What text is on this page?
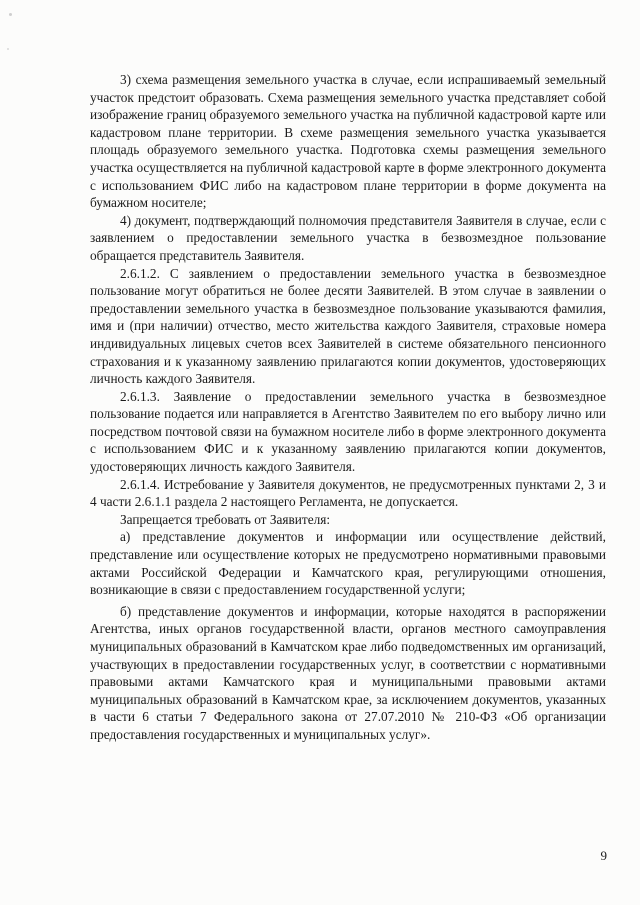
3) схема размещения земельного участка в случае, если испрашиваемый земельный участок предстоит образовать. Схема размещения земельного участка представляет собой изображение границ образуемого земельного участка на публичной кадастровой карте или кадастровом плане территории. В схеме размещения земельного участка указывается площадь образуемого земельного участка. Подготовка схемы размещения земельного участка осуществляется на публичной кадастровой карте в форме электронного документа с использованием ФИС либо на кадастровом плане территории в форме документа на бумажном носителе;

4) документ, подтверждающий полномочия представителя Заявителя в случае, если с заявлением о предоставлении земельного участка в безвозмездное пользование обращается представитель Заявителя.

2.6.1.2. С заявлением о предоставлении земельного участка в безвозмездное пользование могут обратиться не более десяти Заявителей. В этом случае в заявлении о предоставлении земельного участка в безвозмездное пользование указываются фамилия, имя и (при наличии) отчество, место жительства каждого Заявителя, страховые номера индивидуальных лицевых счетов всех Заявителей в системе обязательного пенсионного страхования и к указанному заявлению прилагаются копии документов, удостоверяющих личность каждого Заявителя.

2.6.1.3. Заявление о предоставлении земельного участка в безвозмездное пользование подается или направляется в Агентство Заявителем по его выбору лично или посредством почтовой связи на бумажном носителе либо в форме электронного документа с использованием ФИС и к указанному заявлению прилагаются копии документов, удостоверяющих личность каждого Заявителя.

2.6.1.4. Истребование у Заявителя документов, не предусмотренных пунктами 2, 3 и 4 части 2.6.1.1 раздела 2 настоящего Регламента, не допускается.

Запрещается требовать от Заявителя:

а) представление документов и информации или осуществление действий, представление или осуществление которых не предусмотрено нормативными правовыми актами Российской Федерации и Камчатского края, регулирующими отношения, возникающие в связи с предоставлением государственной услуги;

б) представление документов и информации, которые находятся в распоряжении Агентства, иных органов государственной власти, органов местного самоуправления муниципальных образований в Камчатском крае либо подведомственных им организаций, участвующих в предоставлении государственных услуг, в соответствии с нормативными правовыми актами Камчатского края и муниципальными правовыми актами муниципальных образований в Камчатском крае, за исключением документов, указанных в части 6 статьи 7 Федерального закона от 27.07.2010 № 210-ФЗ «Об организации предоставления государственных и муниципальных услуг».

9
